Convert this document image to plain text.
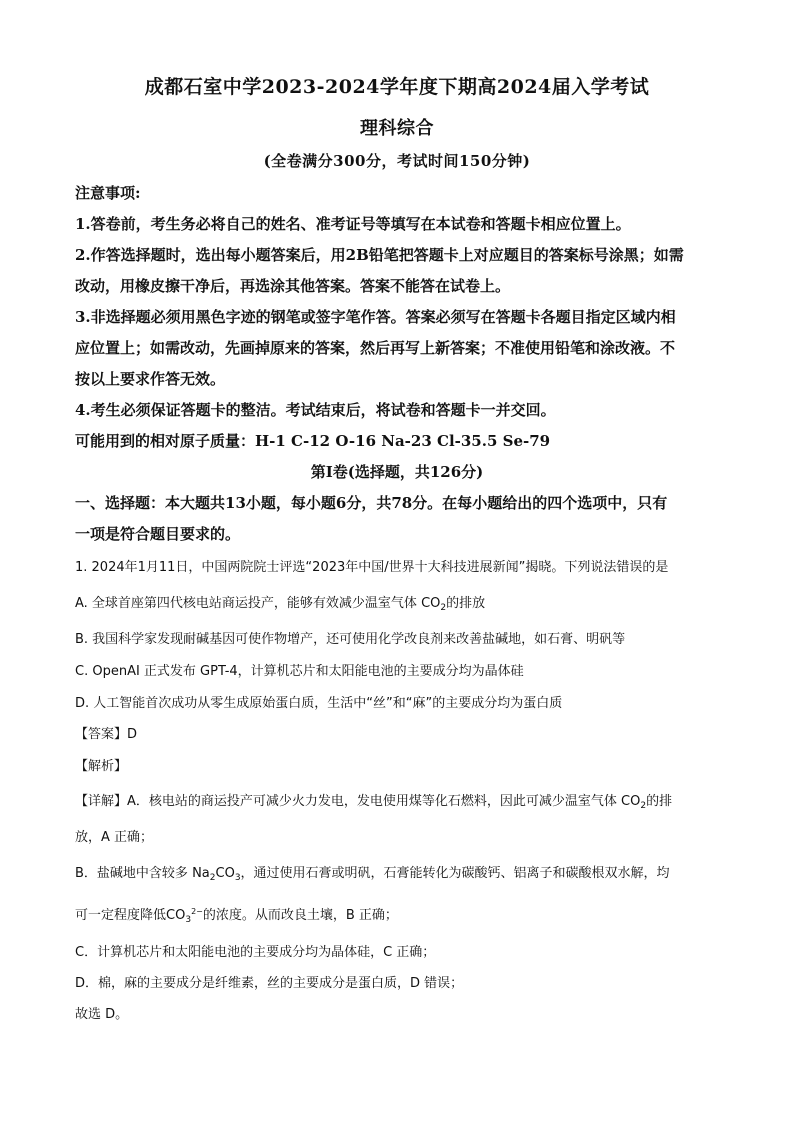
成都石室中学2023-2024学年度下期高2024届入学考试
理科综合
(全卷满分300分，考试时间150分钟)
注意事项:
1.答卷前，考生务必将自己的姓名、准考证号等填写在本试卷和答题卡相应位置上。
2.作答选择题时，选出每小题答案后，用2B铅笔把答题卡上对应题目的答案标号涂黑；如需
改动，用橡皮擦干净后，再选涂其他答案。答案不能答在试卷上。
3.非选择题必须用黑色字迹的钢笔或签字笔作答。答案必须写在答题卡各题目指定区域内相
应位置上；如需改动，先画掉原来的答案，然后再写上新答案；不准使用铅笔和涂改液。不
按以上要求作答无效。
4.考生必须保证答题卡的整洁。考试结束后，将试卷和答题卡一并交回。
可能用到的相对原子质量：H-1 C-12 O-16 Na-23 Cl-35.5 Se-79
第I卷(选择题，共126分)
一、选择题：本大题共13小题，每小题6分，共78分。在每小题给出的四个选项中，只有
一项是符合题目要求的。
1. 2024年1月11日，中国两院院士评选“2023年中国/世界十大科技进展新闻”揭晓。下列说法错误的是
A. 全球首座第四代核电站商运投产，能够有效减少温室气体 $CO_2$的排放
B. 我国科学家发现耐碱基因可使作物增产，还可使用化学改良剂来改善盐碱地，如石膏、明矾等
C. OpenAI 正式发布 GPT-4，计算机芯片和太阳能电池的主要成分均为晶体硅
D. 人工智能首次成功从零生成原始蛋白质，生活中“丝”和“麻”的主要成分均为蛋白质
【答案】D
【解析】
【详解】A．核电站的商运投产可减少火力发电，发电使用煤等化石燃料，因此可减少温室气体 $CO_2$的排
放，A 正确；
B．盐碱地中含较多 $Na_2CO_3$，通过使用石膏或明矾，石膏能转化为碳酸钙、铝离子和碳酸根双水解，均
可一定程度降低$CO_3^{2-}$的浓度。从而改良土壤，B 正确；
C．计算机芯片和太阳能电池的主要成分均为晶体硅，C 正确；
D．棉，麻的主要成分是纤维素，丝的主要成分是蛋白质，D 错误；
故选 D。
